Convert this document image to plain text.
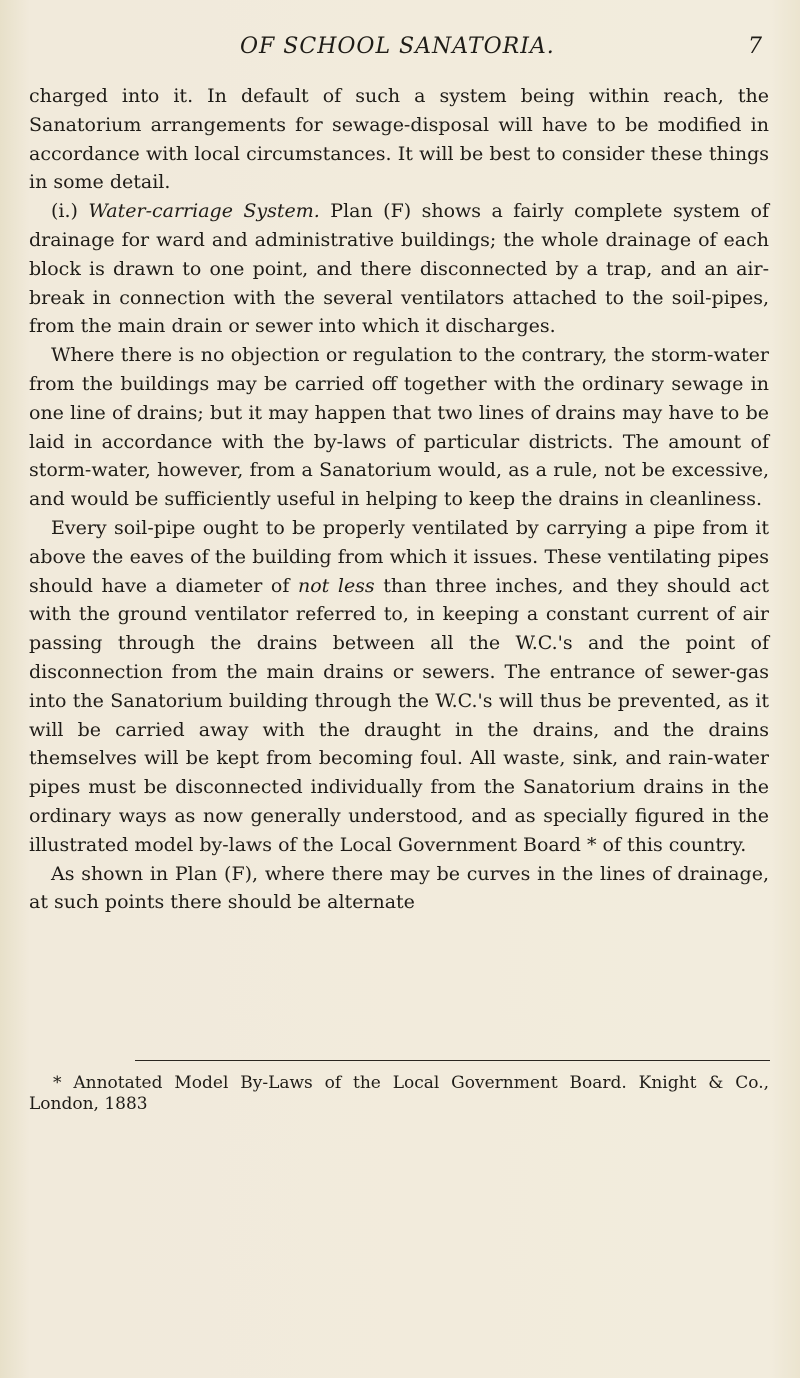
OF SCHOOL SANATORIA.	7

charged into it. In default of such a system being within reach, the Sanatorium arrangements for sewage-disposal will have to be modified in accordance with local circumstances. It will be best to consider these things in some detail.

(i.) Water-carriage System. Plan (F) shows a fairly complete system of drainage for ward and administrative buildings; the whole drainage of each block is drawn to one point, and there disconnected by a trap, and an air-break in connection with the several ventilators attached to the soil-pipes, from the main drain or sewer into which it discharges.

Where there is no objection or regulation to the contrary, the storm-water from the buildings may be carried off together with the ordinary sewage in one line of drains; but it may happen that two lines of drains may have to be laid in accordance with the by-laws of particular districts. The amount of storm-water, however, from a Sanatorium would, as a rule, not be excessive, and would be sufficiently useful in helping to keep the drains in cleanliness.

Every soil-pipe ought to be properly ventilated by carrying a pipe from it above the eaves of the building from which it issues. These ventilating pipes should have a diameter of not less than three inches, and they should act with the ground ventilator referred to, in keeping a constant current of air passing through the drains between all the W.C.'s and the point of disconnection from the main drains or sewers. The entrance of sewer-gas into the Sanatorium building through the W.C.'s will thus be prevented, as it will be carried away with the draught in the drains, and the drains themselves will be kept from becoming foul. All waste, sink, and rain-water pipes must be disconnected individually from the Sanatorium drains in the ordinary ways as now generally understood, and as specially figured in the illustrated model by-laws of the Local Government Board * of this country.

As shown in Plan (F), where there may be curves in the lines of drainage, at such points there should be alternate

* Annotated Model By-Laws of the Local Government Board. Knight & Co., London, 1883
